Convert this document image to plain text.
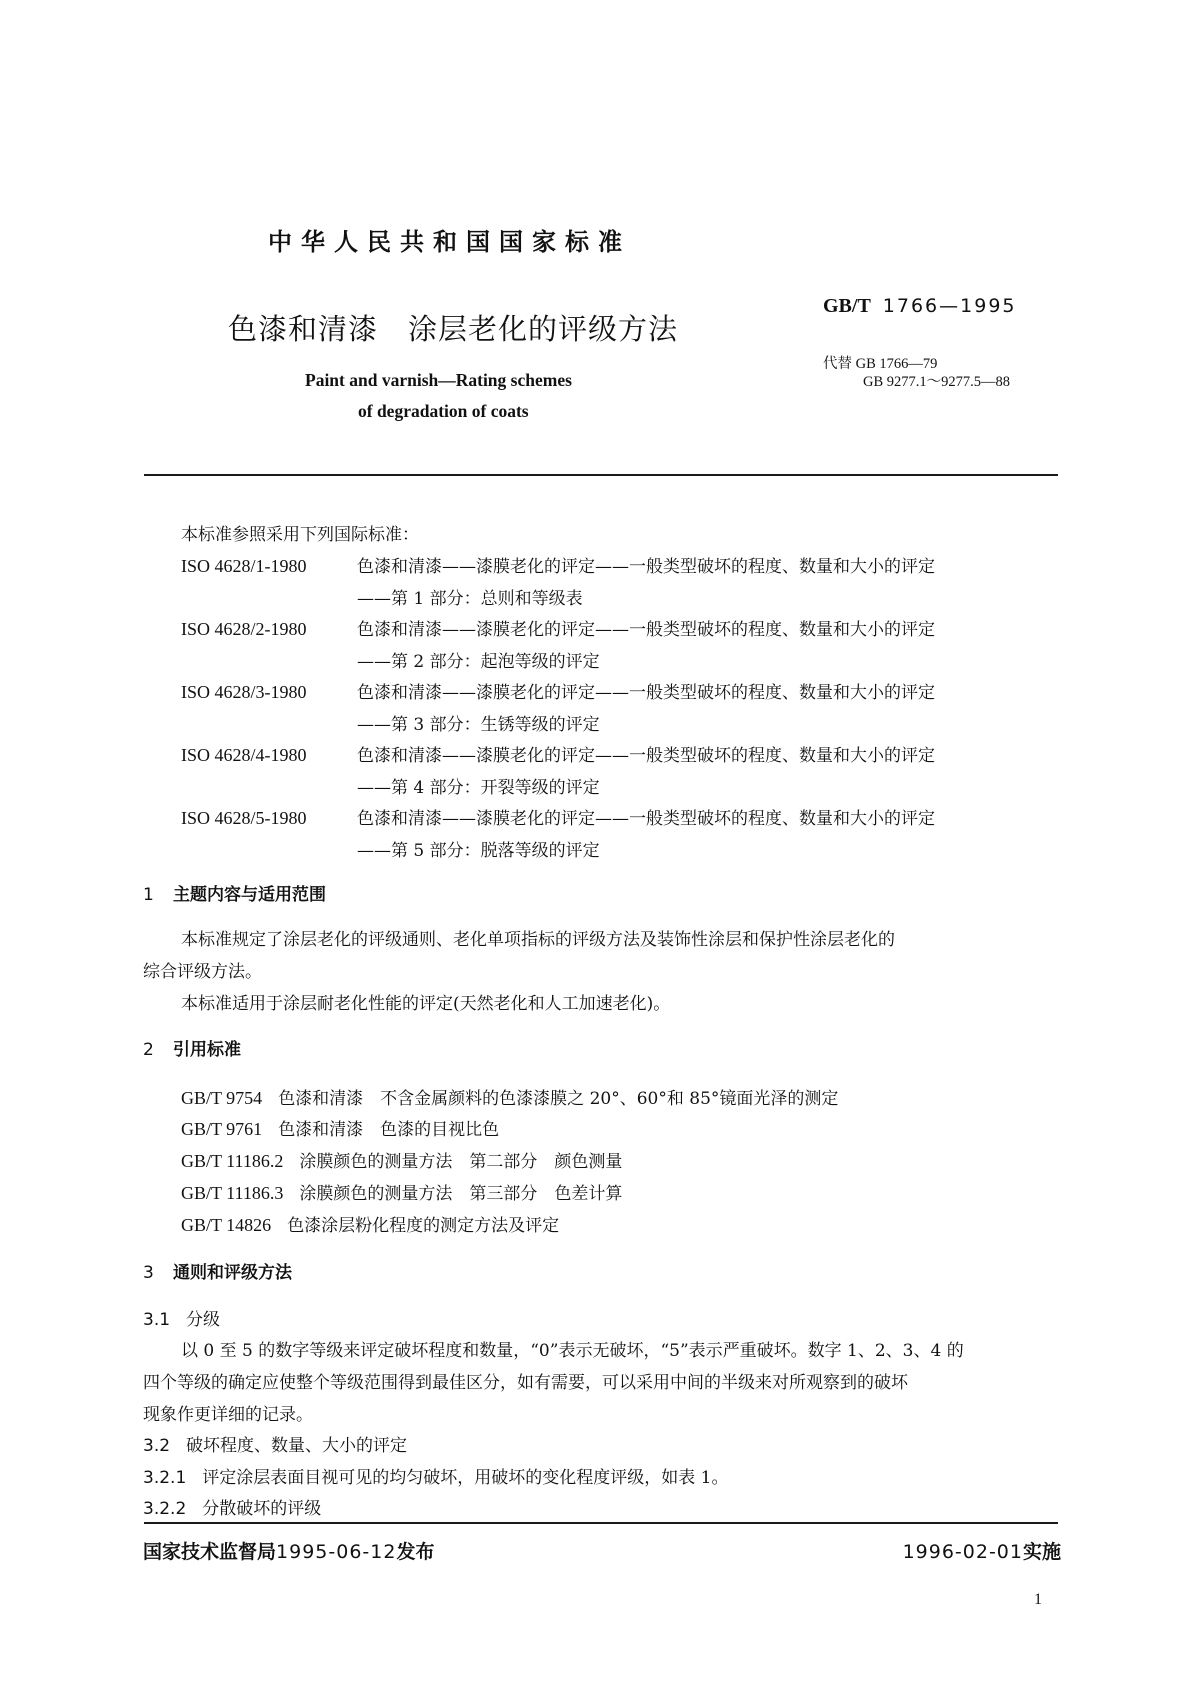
中华人民共和国国家标准
色漆和清漆 涂层老化的评级方法
Paint and varnish—Rating schemes
of degradation of coats
GB/T 1766—1995
代替 GB 1766—79
GB 9277.1～9277.5—88
本标准参照采用下列国际标准：
ISO 4628/1-1980	色漆和清漆——漆膜老化的评定——一般类型破坏的程度、数量和大小的评定
——第 1 部分：总则和等级表
ISO 4628/2-1980	色漆和清漆——漆膜老化的评定——一般类型破坏的程度、数量和大小的评定
——第 2 部分：起泡等级的评定
ISO 4628/3-1980	色漆和清漆——漆膜老化的评定——一般类型破坏的程度、数量和大小的评定
——第 3 部分：生锈等级的评定
ISO 4628/4-1980	色漆和清漆——漆膜老化的评定——一般类型破坏的程度、数量和大小的评定
——第 4 部分：开裂等级的评定
ISO 4628/5-1980	色漆和清漆——漆膜老化的评定——一般类型破坏的程度、数量和大小的评定
——第 5 部分：脱落等级的评定
1 主题内容与适用范围
本标准规定了涂层老化的评级通则、老化单项指标的评级方法及装饰性涂层和保护性涂层老化的
综合评级方法。
本标准适用于涂层耐老化性能的评定(天然老化和人工加速老化)。
2 引用标准
GB/T 9754 色漆和清漆　不含金属颜料的色漆漆膜之 20°、60°和 85°镜面光泽的测定
GB/T 9761 色漆和清漆　色漆的目视比色
GB/T 11186.2 涂膜颜色的测量方法　第二部分　颜色测量
GB/T 11186.3 涂膜颜色的测量方法　第三部分　色差计算
GB/T 14826 色漆涂层粉化程度的测定方法及评定
3 通则和评级方法
3.1 分级
以 0 至 5 的数字等级来评定破坏程度和数量，“0”表示无破坏，“5”表示严重破坏。数字 1、2、3、4 的
四个等级的确定应使整个等级范围得到最佳区分，如有需要，可以采用中间的半级来对所观察到的破坏
现象作更详细的记录。
3.2 破坏程度、数量、大小的评定
3.2.1 评定涂层表面目视可见的均匀破坏，用破坏的变化程度评级，如表 1。
3.2.2 分散破坏的评级
国家技术监督局1995-06-12发布	1996-02-01实施
1
